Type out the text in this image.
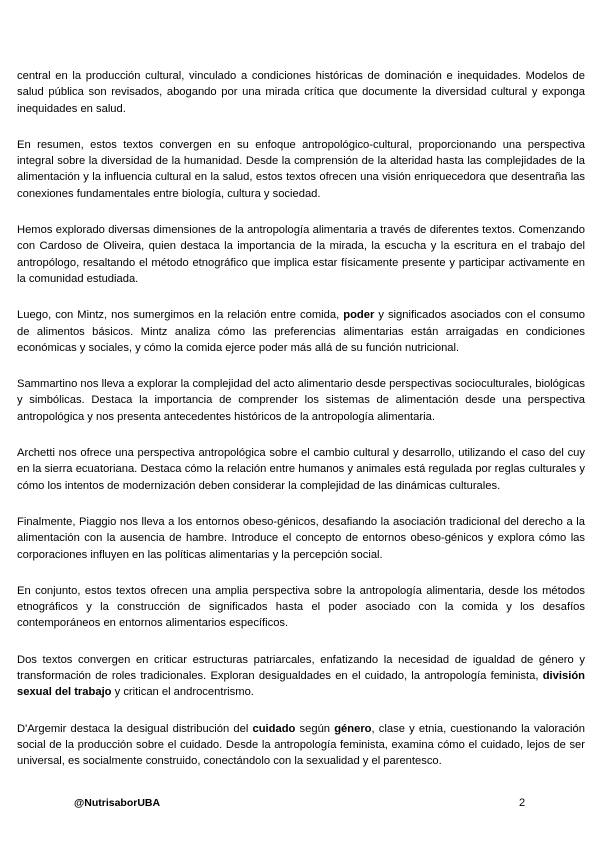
central en la producción cultural, vinculado a condiciones históricas de dominación e inequidades. Modelos de salud pública son revisados, abogando por una mirada crítica que documente la diversidad cultural y exponga inequidades en salud.

En resumen, estos textos convergen en su enfoque antropológico-cultural, proporcionando una perspectiva integral sobre la diversidad de la humanidad. Desde la comprensión de la alteridad hasta las complejidades de la alimentación y la influencia cultural en la salud, estos textos ofrecen una visión enriquecedora que desentraña las conexiones fundamentales entre biología, cultura y sociedad.

Hemos explorado diversas dimensiones de la antropología alimentaria a través de diferentes textos. Comenzando con Cardoso de Oliveira, quien destaca la importancia de la mirada, la escucha y la escritura en el trabajo del antropólogo, resaltando el método etnográfico que implica estar físicamente presente y participar activamente en la comunidad estudiada.

Luego, con Mintz, nos sumergimos en la relación entre comida, poder y significados asociados con el consumo de alimentos básicos. Mintz analiza cómo las preferencias alimentarias están arraigadas en condiciones económicas y sociales, y cómo la comida ejerce poder más allá de su función nutricional.

Sammartino nos lleva a explorar la complejidad del acto alimentario desde perspectivas socioculturales, biológicas y simbólicas. Destaca la importancia de comprender los sistemas de alimentación desde una perspectiva antropológica y nos presenta antecedentes históricos de la antropología alimentaria.

Archetti nos ofrece una perspectiva antropológica sobre el cambio cultural y desarrollo, utilizando el caso del cuy en la sierra ecuatoriana. Destaca cómo la relación entre humanos y animales está regulada por reglas culturales y cómo los intentos de modernización deben considerar la complejidad de las dinámicas culturales.

Finalmente, Piaggio nos lleva a los entornos obeso-génicos, desafiando la asociación tradicional del derecho a la alimentación con la ausencia de hambre. Introduce el concepto de entornos obeso-génicos y explora cómo las corporaciones influyen en las políticas alimentarias y la percepción social.

En conjunto, estos textos ofrecen una amplia perspectiva sobre la antropología alimentaria, desde los métodos etnográficos y la construcción de significados hasta el poder asociado con la comida y los desafíos contemporáneos en entornos alimentarios específicos.

Dos textos convergen en criticar estructuras patriarcales, enfatizando la necesidad de igualdad de género y transformación de roles tradicionales. Exploran desigualdades en el cuidado, la antropología feminista, división sexual del trabajo y critican el androcentrismo.

D'Argemir destaca la desigual distribución del cuidado según género, clase y etnia, cuestionando la valoración social de la producción sobre el cuidado. Desde la antropología feminista, examina cómo el cuidado, lejos de ser universal, es socialmente construido, conectándolo con la sexualidad y el parentesco.

@NutrisaborUBA	2
